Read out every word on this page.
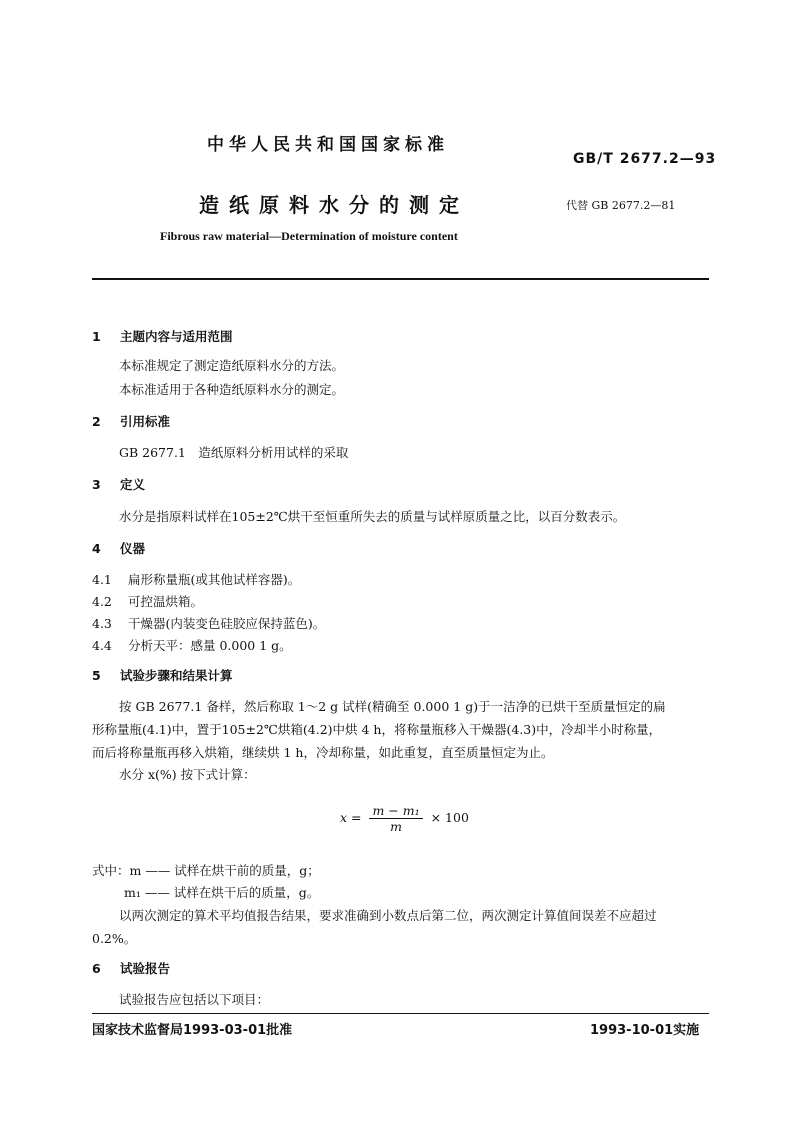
中华人民共和国国家标准
GB/T 2677.2—93
造纸原料水分的测定	代替 GB 2677.2—81
Fibrous raw material—Determination of moisture content
1 主题内容与适用范围
本标准规定了测定造纸原料水分的方法。
本标准适用于各种造纸原料水分的测定。
2 引用标准
GB 2677.1　造纸原料分析用试样的采取
3 定义
水分是指原料试样在105±2℃烘干至恒重所失去的质量与试样原质量之比，以百分数表示。
4 仪器
4.1 扁形称量瓶(或其他试样容器)。
4.2 可控温烘箱。
4.3 干燥器(内装变色硅胶应保持蓝色)。
4.4 分析天平：感量 0.000 1 g。
5 试验步骤和结果计算
按 GB 2677.1 备样，然后称取 1～2 g 试样(精确至 0.000 1 g)于一洁净的已烘干至质量恒定的扁
形称量瓶(4.1)中，置于105±2℃烘箱(4.2)中烘 4 h，将称量瓶移入干燥器(4.3)中，冷却半小时称量，
而后将称量瓶再移入烘箱，继续烘 1 h，冷却称量，如此重复，直至质量恒定为止。
水分 x(%) 按下式计算：
$x = \frac{\text{m − m₁}}{m} \times 100$
式中：m —— 试样在烘干前的质量，g；
m₁ —— 试样在烘干后的质量，g。
以两次测定的算术平均值报告结果，要求准确到小数点后第二位，两次测定计算值间误差不应超过
0.2%。
6 试验报告
试验报告应包括以下项目：
国家技术监督局1993-03-01批准	1993-10-01实施
